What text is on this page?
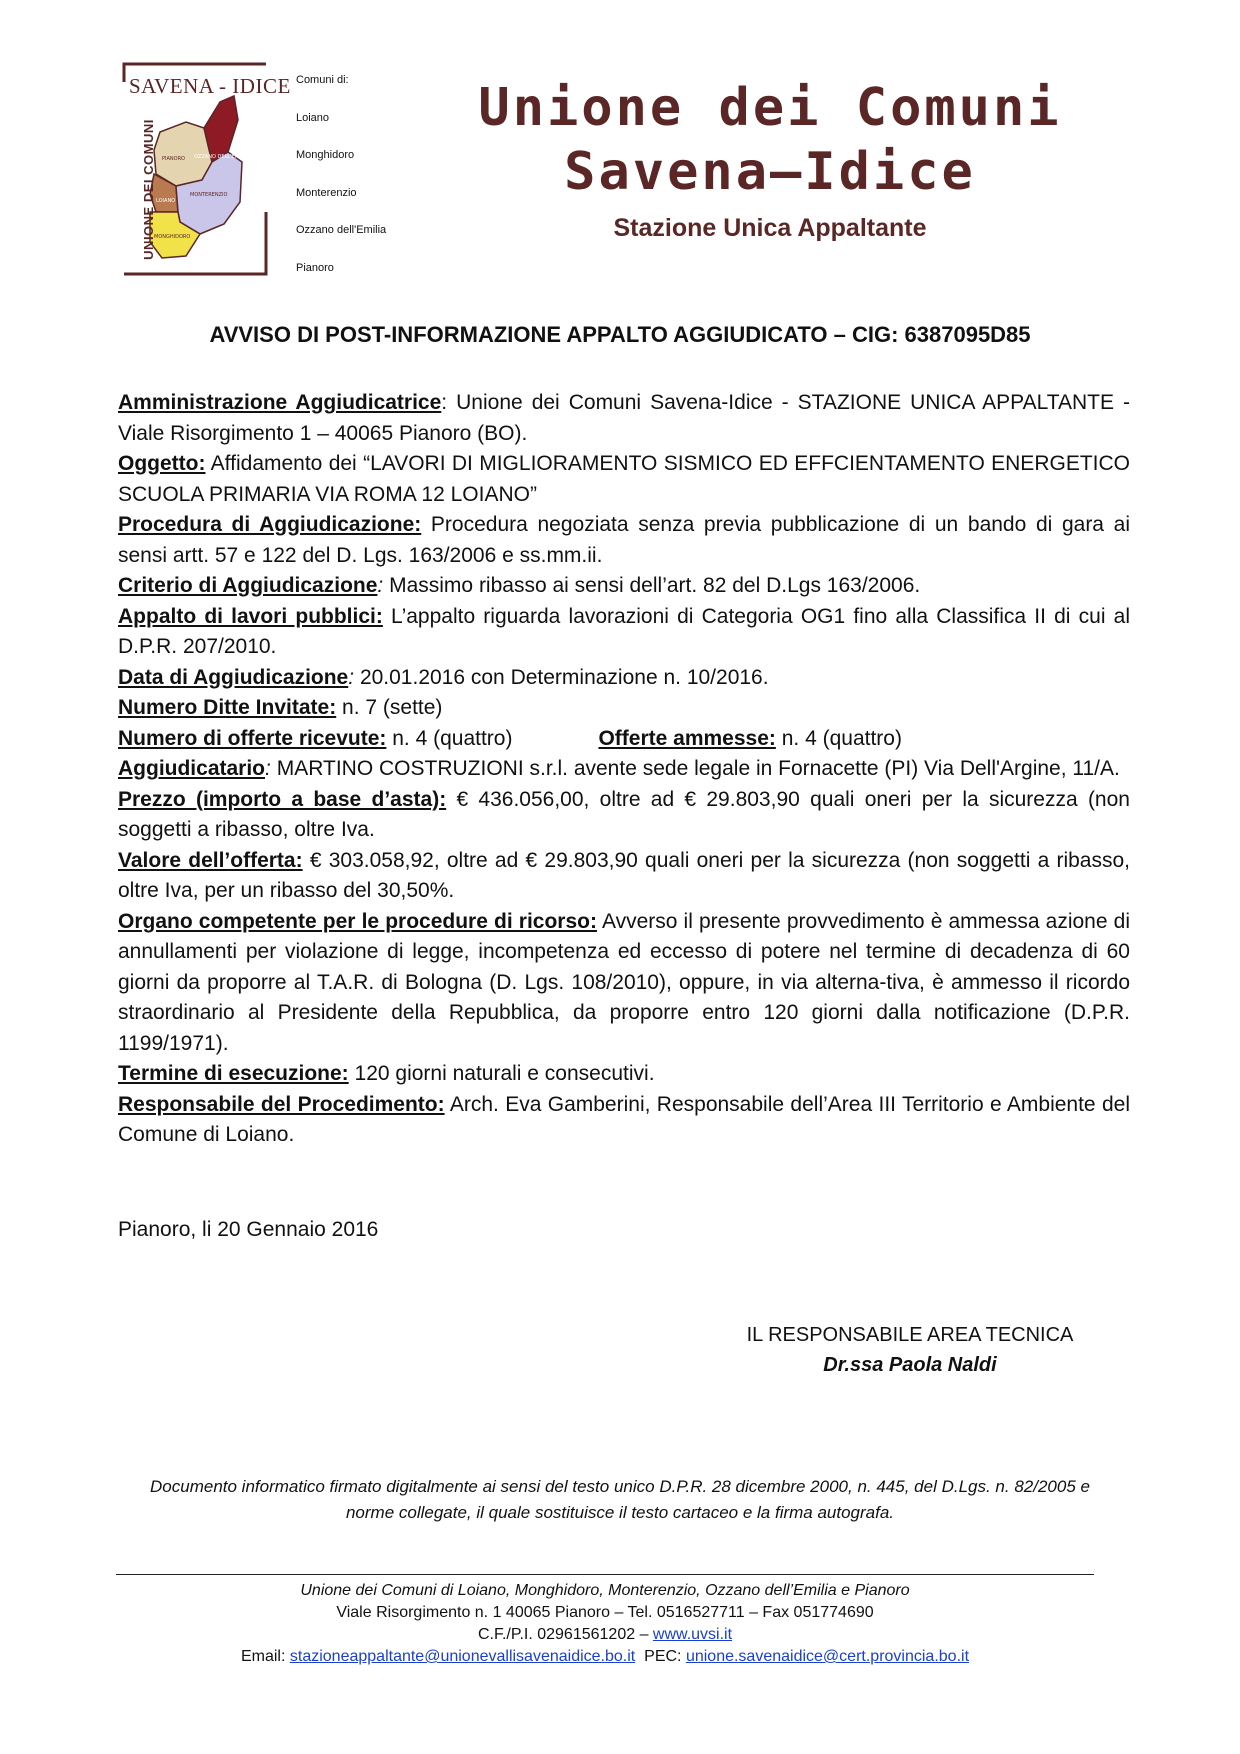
PIANORO OZZANO DELL'EMILIA
LOIANO
MONTERENZIO
MONGHIDORO
SAVENA - IDICE
UNIONE DEI COMUNI
Comuni di:
Loiano
Monghidoro
Monterenzio
Ozzano dell'Emilia
Pianoro
Unione dei Comuni
Savena–Idice
Stazione Unica Appaltante
AVVISO DI POST-INFORMAZIONE APPALTO AGGIUDICATO – CIG: 6387095D85

Amministrazione Aggiudicatrice: Unione dei Comuni Savena-Idice - STAZIONE UNICA APPALTANTE - Viale Risorgimento 1 – 40065 Pianoro (BO).

Oggetto: Affidamento dei “LAVORI DI MIGLIORAMENTO SISMICO ED EFFCIENTAMENTO ENERGETICO SCUOLA PRIMARIA VIA ROMA 12 LOIANO”

Procedura di Aggiudicazione: Procedura negoziata senza previa pubblicazione di un bando di gara ai sensi artt. 57 e 122 del D. Lgs. 163/2006 e ss.mm.ii.

Criterio di Aggiudicazione: Massimo ribasso ai sensi dell’art. 82 del D.Lgs 163/2006.

Appalto di lavori pubblici: L’appalto riguarda lavorazioni di Categoria OG1 fino alla Classifica II di cui al D.P.R. 207/2010.

Data di Aggiudicazione: 20.01.2016 con Determinazione n. 10/2016.

Numero Ditte Invitate: n. 7 (sette)

Numero di offerte ricevute: n. 4 (quattro)	Offerte ammesse: n. 4 (quattro)

Aggiudicatario: MARTINO COSTRUZIONI s.r.l. avente sede legale in Fornacette (PI) Via Dell'Argine, 11/A.

Prezzo (importo a base d’asta): € 436.056,00, oltre ad € 29.803,90 quali oneri per la sicurezza (non soggetti a ribasso, oltre Iva.

Valore dell’offerta: € 303.058,92, oltre ad € 29.803,90 quali oneri per la sicurezza (non soggetti a ribasso, oltre Iva, per un ribasso del 30,50%.

Organo competente per le procedure di ricorso: Avverso il presente provvedimento è ammessa azione di annullamenti per violazione di legge, incompetenza ed eccesso di potere nel termine di decadenza di 60 giorni da proporre al T.A.R. di Bologna (D. Lgs. 108/2010), oppure, in via alterna-tiva, è ammesso il ricordo straordinario al Presidente della Repubblica, da proporre entro 120 giorni dalla notificazione (D.P.R. 1199/1971).

Termine di esecuzione: 120 giorni naturali e consecutivi.

Responsabile del Procedimento: Arch. Eva Gamberini, Responsabile dell’Area III Territorio e Ambiente del Comune di Loiano.

Pianoro, li 20 Gennaio 2016
IL RESPONSABILE AREA TECNICA
Dr.ssa Paola Naldi
Documento informatico firmato digitalmente ai sensi del testo unico D.P.R. 28 dicembre 2000, n. 445, del D.Lgs. n. 82/2005 e norme collegate, il quale sostituisce il testo cartaceo e la firma autografa.
Unione dei Comuni di Loiano, Monghidoro, Monterenzio, Ozzano dell’Emilia e Pianoro
Viale Risorgimento n. 1 40065 Pianoro – Tel. 0516527711 – Fax 051774690
C.F./P.I. 02961561202 – www.uvsi.it
Email: stazioneappaltante@unionevallisavenaidice.bo.it PEC: unione.savenaidice@cert.provincia.bo.it
